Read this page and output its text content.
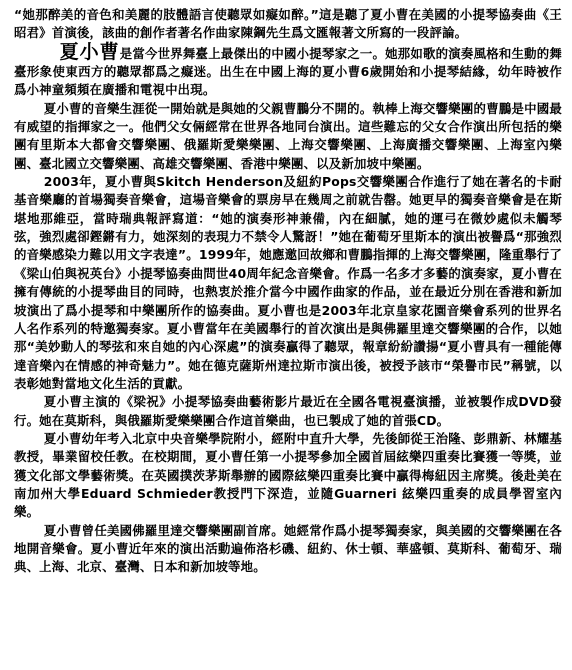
“她那醉美的音色和美麗的肢體語言使聽眾如癡如醉。”這是聽了夏小曹在美國的小提琴協奏曲《王昭君》首演後，該曲的創作者著名作曲家陳鋼先生爲文匯報著文所寫的一段評論。

夏小曹是當今世界舞臺上最傑出的中國小提琴家之一。她那如歌的演奏風格和生動的舞臺形象使東西方的聽眾都爲之癡迷。出生在中國上海的夏小曹6歲開始和小提琴結緣，幼年時被作爲小神童頻頻在廣播和電視中出現。

夏小曹的音樂生涯從一開始就是與她的父親曹鵬分不開的。執棒上海交響樂團的曹鵬是中國最有威望的指揮家之一。他們父女倆經常在世界各地同台演出。這些難忘的父女合作演出所包括的樂團有里斯本大都會交響樂團、俄羅斯愛樂樂團、上海交響樂團、上海廣播交響樂團、上海室內樂團、臺北國立交響樂團、高雄交響樂團、香港中樂團、以及新加坡中樂團。

2003年，夏小曹與Skitch Henderson及紐約Pops交響樂團合作進行了她在著名的卡耐基音樂廳的首場獨奏音樂會，這場音樂會的票房早在幾周之前就告罄。她更早的獨奏音樂會是在斯堪地那維亞，當時瑞典報評寫道：“她的演奏形神兼備，內在細膩，她的運弓在微妙處似未觸琴弦，強烈處卻鏗鏘有力，她深刻的表現力不禁令人驚訝！”她在葡萄牙里斯本的演出被譽爲“那強烈的音樂感染力難以用文字表達”。1999年，她應邀回故鄉和曹鵬指揮的上海交響樂團，隆重舉行了《梁山伯與祝英台》小提琴協奏曲問世40周年紀念音樂會。作爲一名多才多藝的演奏家，夏小曹在擁有傳統的小提琴曲目的同時，也熱衷於推介當今中國作曲家的作品，並在最近分別在香港和新加坡演出了爲小提琴和中樂團所作的協奏曲。夏小曹也是2003年北京皇家花園音樂會系列的世界名人名作系列的特邀獨奏家。夏小曹當年在美國舉行的首次演出是與佛羅里達交響樂團的合作，以她那“美妙動人的琴弦和來自她的內心深處”的演奏贏得了聽眾，報章紛紛讚揚“夏小曹具有一種能傳達音樂內在情感的神奇魅力”。她在德克薩斯州達拉斯市演出後，被授予該市“榮譽市民”稱號，以表彰她對當地文化生活的貢獻。

夏小曹主演的《梁祝》小提琴協奏曲藝術影片最近在全國各電視臺演播，並被製作成DVD發行。她在莫斯科，與俄羅斯愛樂樂團合作這首樂曲，也已製成了她的首張CD。

夏小曹幼年考入北京中央音樂學院附小，經附中直升大學，先後師從王治隆、彭鼎新、林耀基教授，畢業留校任教。在校期間，夏小曹任第一小提琴參加全國首屆絃樂四重奏比賽獲一等獎，並獲文化部文學藝術獎。在英國撲茨茅斯舉辦的國際絃樂四重奏比賽中贏得梅紐因主席獎。後赴美在南加州大學Eduard Schmieder教授門下深造，並隨Guarneri 絃樂四重奏的成員學習室內樂。

夏小曹曾任美國佛羅里達交響樂團副首席。她經常作爲小提琴獨奏家，與美國的交響樂團在各地開音樂會。夏小曹近年來的演出活動遍佈洛杉磯、紐約、休士頓、華盛頓、莫斯科、葡萄牙、瑞典、上海、北京、臺灣、日本和新加坡等地。
